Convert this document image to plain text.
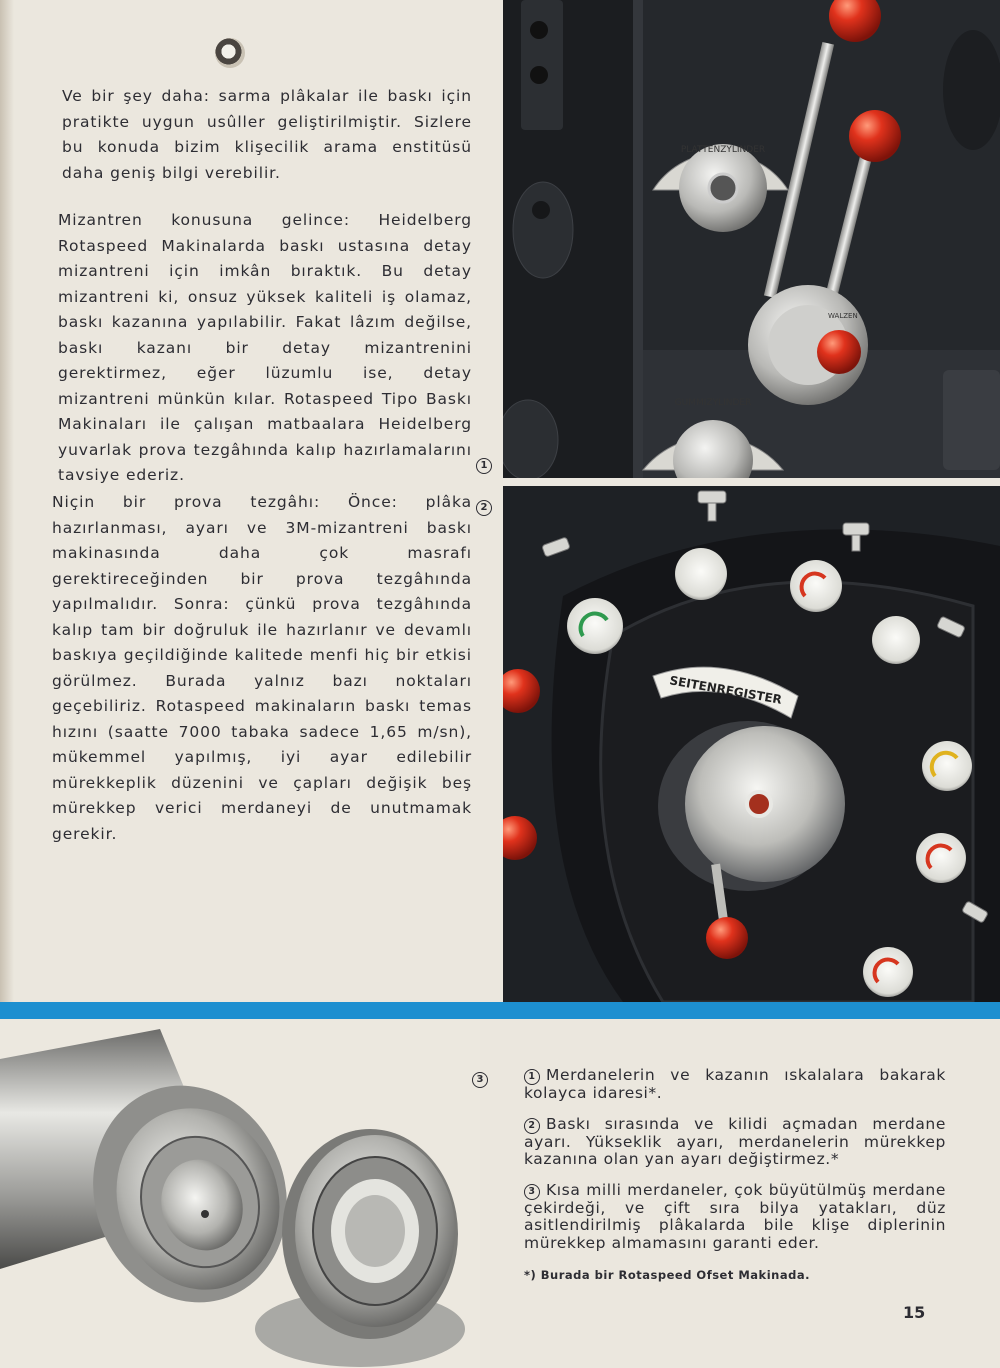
Ve bir şey daha: sarma plâkalar ile baskı için pratikte uygun usûller geliştirilmiştir. Sizlere bu konuda bizim klişecilik arama enstitüsü daha geniş bilgi verebilir.

Mizantren konusuna gelince: Heidelberg Rotaspeed Makinalarda baskı ustasına detay mizantreni için imkân bıraktık. Bu detay mizantreni ki, onsuz yüksek kaliteli iş olamaz, baskı kazanına yapılabilir. Fakat lâzım değilse, baskı kazanı bir detay mizantrenini gerektirmez, eğer lüzumlu ise, detay mizantreni münkün kılar. Rotaspeed Tipo Baskı Makinaları ile çalışan matbaalara Heidelberg yuvarlak prova tezgâhında kalıp hazırlamalarını tavsiye ederiz.

1
2

Niçin bir prova tezgâhı: Önce: plâka hazırlanması, ayarı ve 3M-mizantreni baskı makinasında daha çok masrafı gerektireceğinden bir prova tezgâhında yapılmalıdır. Sonra: çünkü prova tezgâhında kalıp tam bir doğruluk ile hazırlanır ve devamlı baskıya geçildiğinde kalitede menfi hiç bir etkisi görülmez. Burada yalnız bazı noktaları geçebiliriz. Rotaspeed makinaların baskı temas hızını (saatte 7000 tabaka sadece 1,65 m/sn), mükemmel yapılmış, iyi ayar edilebilir mürekkeplik düzenini ve çapları değişik beş mürekkep verici merdaneyi de unutmamak gerekir.

PLATTENZYLINDER
GUMMIZYLINDER
WALZEN
SEITENREGISTER
3	1 Merdanelerin ve kazanın ıskalalara bakarak kolayca idaresi*.

2 Baskı sırasında ve kilidi açmadan merdane ayarı. Yükseklik ayarı, merdanelerin mürekkep kazanına olan yan ayarı değiştirmez.*

3 Kısa milli merdaneler, çok büyütülmüş merdane çekirdeği, ve çift sıra bilya yatakları, düz asitlendirilmiş plâkalarda bile klişe diplerinin mürekkep almamasını garanti eder.

*) Burada bir Rotaspeed Ofset Makinada.
15
